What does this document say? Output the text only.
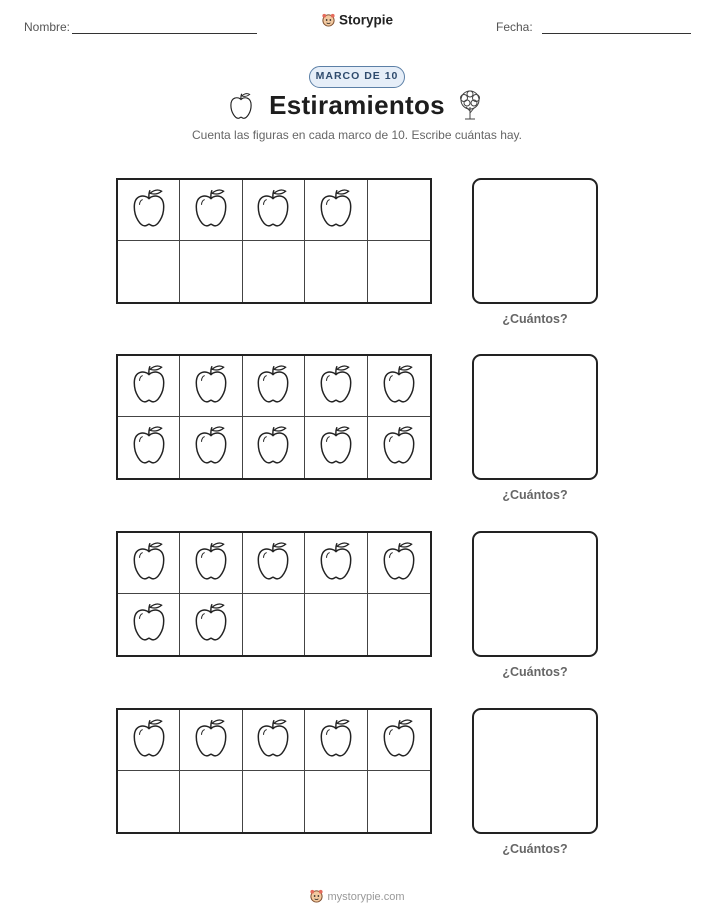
Nombre:	Storypie	Fecha:
MARCO DE 10
Estiramientos
Cuenta las figuras en cada marco de 10. Escribe cuántas hay.
¿Cuántos?
¿Cuántos?
¿Cuántos?
¿Cuántos?
mystorypie.com
